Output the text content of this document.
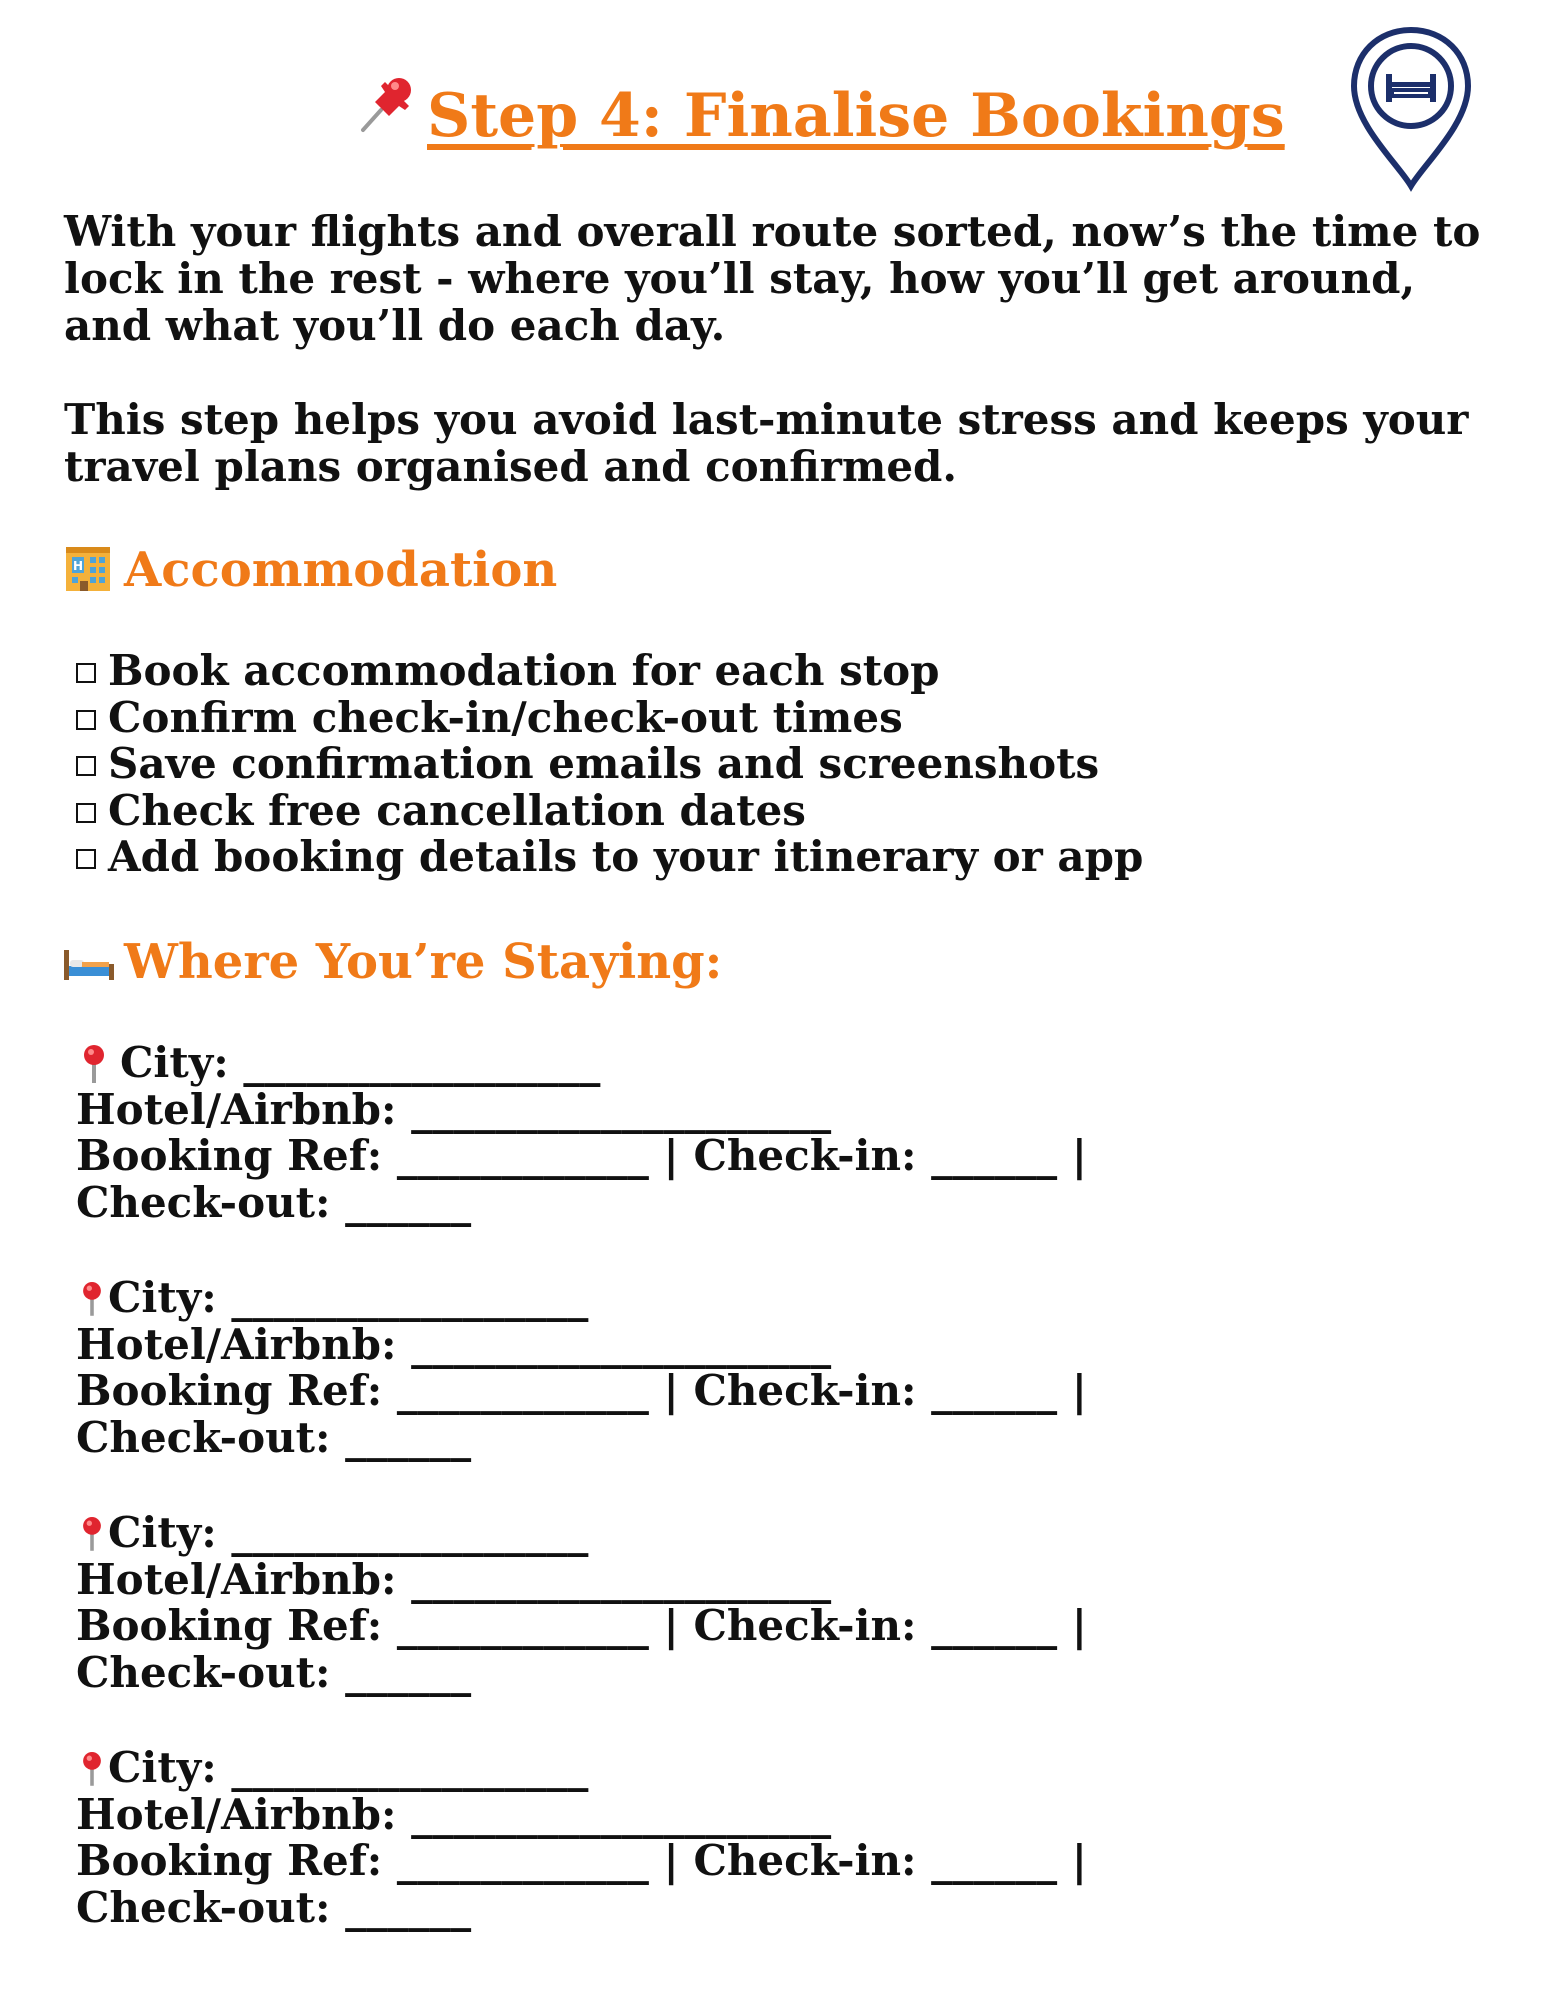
Step 4: Finalise Bookings
With your flights and overall route sorted, now’s the time to lock in the rest - where you’ll stay, how you’ll get around, and what you’ll do each day.
This step helps you avoid last-minute stress and keeps your travel plans organised and confirmed.
H Accommodation
Book accommodation for each stop
Confirm check-in/check-out times
Save confirmation emails and screenshots
Check free cancellation dates
Add booking details to your itinerary or app
Where You’re Staying:
City: _________________
Hotel/Airbnb: ____________________
Booking Ref: ____________ | Check-in: ______ |
Check-out: ______
City: _________________
Hotel/Airbnb: ____________________
Booking Ref: ____________ | Check-in: ______ |
Check-out: ______
City: _________________
Hotel/Airbnb: ____________________
Booking Ref: ____________ | Check-in: ______ |
Check-out: ______
City: _________________
Hotel/Airbnb: ____________________
Booking Ref: ____________ | Check-in: ______ |
Check-out: ______
